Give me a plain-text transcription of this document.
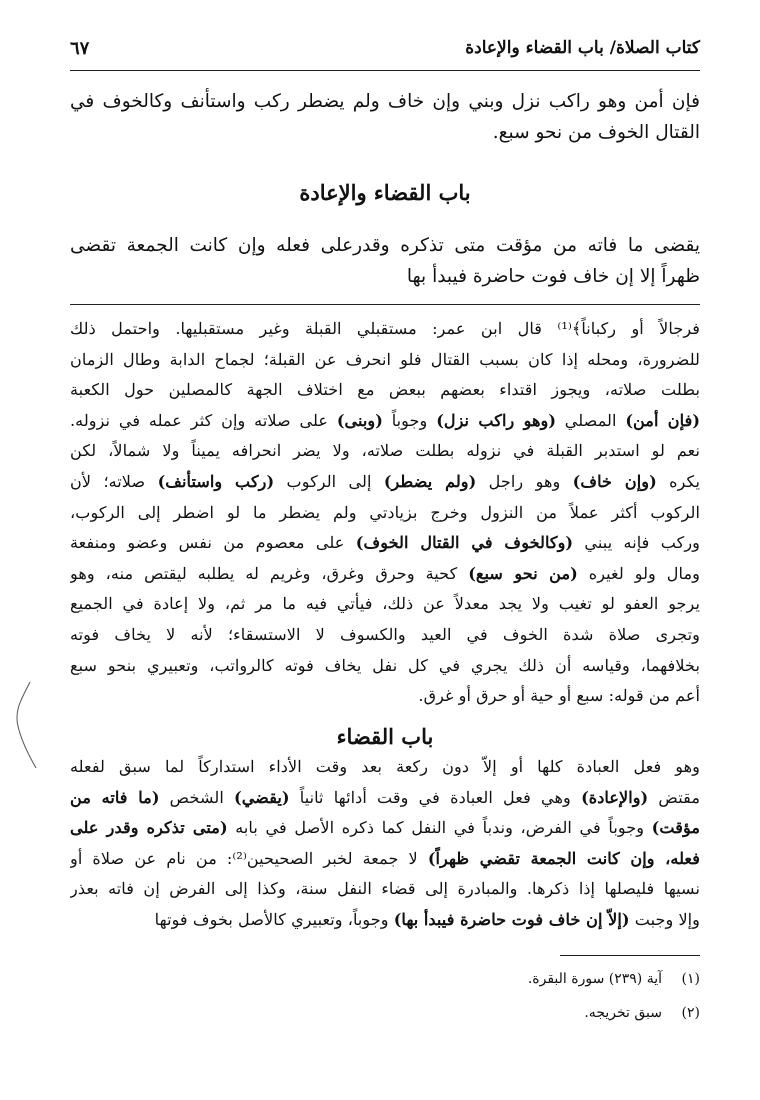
كتاب الصلاة/ باب القضاء والإعادة
٦٧
فإن أمن وهو راكب نزل وبني وإن خاف ولم يضطر ركب واستأنف وكالخوف في
القتال الخوف من نحو سبع.
باب القضاء والإعادة
يقضى ما فاته من مؤقت متى تذكره وقدرعلى فعله وإن كانت الجمعة تقضى
ظهراً إلا إن خاف فوت حاضرة فيبدأ بها
فرجالاً أو ركباناً﴾⁽¹⁾ قال ابن عمر: مستقبلي القبلة وغير مستقبليها. واحتمل ذلك
للضرورة، ومحله إذا كان بسبب القتال فلو انحرف عن القبلة؛ لجماح الدابة وطال الزمان
بطلت صلاته، ويجوز اقتداء بعضهم ببعض مع اختلاف الجهة كالمصلين حول الكعبة
(فإن أمن) المصلي (وهو راكب نزل) وجوباً (وبنى) على صلاته وإن كثر عمله في نزوله.
نعم لو استدبر القبلة في نزوله بطلت صلاته، ولا يضر انحرافه يميناً ولا شمالاً، لكن
يكره (وإن خاف) وهو راجل (ولم يضطر) إلى الركوب (ركب واستأنف) صلاته؛ لأن
الركوب أكثر عملاً من النزول وخرج بزيادتي ولم يضطر ما لو اضطر إلى الركوب،
وركب فإنه يبني (وكالخوف في القتال الخوف) على معصوم من نفس وعضو ومنفعة
ومال ولو لغيره (من نحو سبع) كحية وحرق وغرق، وغريم له يطلبه ليقتص منه، وهو
يرجو العفو لو تغيب ولا يجد معدلاً عن ذلك، فيأتي فيه ما مر ثم، ولا إعادة في الجميع
وتجرى صلاة شدة الخوف في العيد والكسوف لا الاستسقاء؛ لأنه لا يخاف فوته
بخلافهما، وقياسه أن ذلك يجري في كل نفل يخاف فوته كالرواتب، وتعبيري بنحو سبع
أعم من قوله: سبع أو حية أو حرق أو غرق.
باب القضاء
وهو فعل العبادة كلها أو إلاّ دون ركعة بعد وقت الأداء استداركاً لما سبق لفعله
مقتض (والإعادة) وهي فعل العبادة في وقت أدائها ثانياً (يقضي) الشخص (ما فاته من
مؤقت) وجوباً في الفرض، وندباً في النفل كما ذكره الأصل في بابه (متى تذكره وقدر على
فعله، وإن كانت الجمعة تقضي ظهراً) لا جمعة لخبر الصحيحين⁽²⁾: من نام عن صلاة أو
نسيها فليصلها إذا ذكرها. والمبادرة إلى قضاء النفل سنة، وكذا إلى الفرض إن فاته بعذر
وإلا وجبت (إلاّ إن خاف فوت حاضرة فيبدأ بها) وجوباً، وتعبيري كالأصل بخوف فوتها
(١)آية (٢٣٩) سورة البقرة.
(٢)سبق تخريجه.
